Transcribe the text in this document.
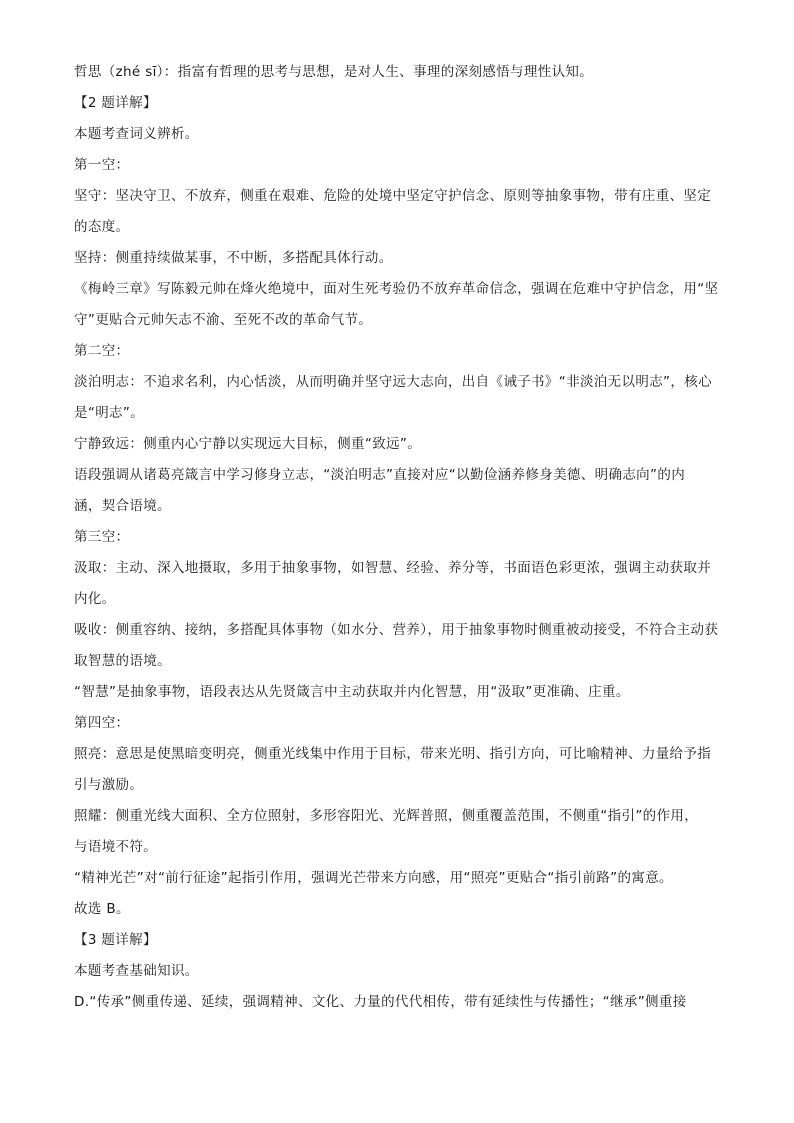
哲思（zhé sī）：指富有哲理的思考与思想，是对人生、事理的深刻感悟与理性认知。

【2 题详解】

本题考查词义辨析。

第一空：

坚守：坚决守卫、不放弃，侧重在艰难、危险的处境中坚定守护信念、原则等抽象事物，带有庄重、坚定

的态度。

坚持：侧重持续做某事，不中断，多搭配具体行动。

《梅岭三章》写陈毅元帅在烽火绝境中，面对生死考验仍不放弃革命信念，强调在危难中守护信念，用“坚

守”更贴合元帅矢志不渝、至死不改的革命气节。

第二空：

淡泊明志：不追求名利，内心恬淡，从而明确并坚守远大志向，出自《诫子书》“非淡泊无以明志”，核心

是“明志”。

宁静致远：侧重内心宁静以实现远大目标，侧重“致远”。

语段强调从诸葛亮箴言中学习修身立志，“淡泊明志”直接对应“以勤俭涵养修身美德、明确志向”的内

涵，契合语境。

第三空：

汲取：主动、深入地摄取，多用于抽象事物，如智慧、经验、养分等，书面语色彩更浓，强调主动获取并

内化。

吸收：侧重容纳、接纳，多搭配具体事物（如水分、营养），用于抽象事物时侧重被动接受，不符合主动获

取智慧的语境。

“智慧”是抽象事物，语段表达从先贤箴言中主动获取并内化智慧，用“汲取”更准确、庄重。

第四空：

照亮：意思是使黑暗变明亮，侧重光线集中作用于目标，带来光明、指引方向，可比喻精神、力量给予指

引与激励。

照耀：侧重光线大面积、全方位照射，多形容阳光、光辉普照，侧重覆盖范围，不侧重“指引”的作用，

与语境不符。

“精神光芒”对“前行征途”起指引作用，强调光芒带来方向感，用“照亮”更贴合“指引前路”的寓意。

故选 B。

【3 题详解】

本题考查基础知识。

D.“传承”侧重传递、延续，强调精神、文化、力量的代代相传，带有延续性与传播性；“继承”侧重接
